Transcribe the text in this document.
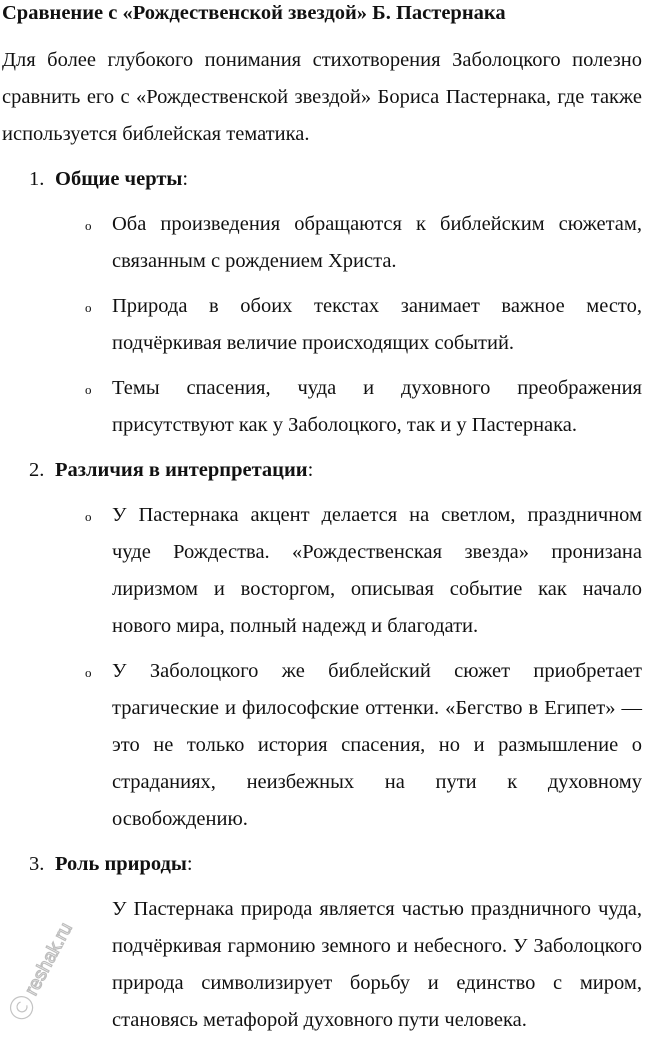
Сравнение с «Рождественской звездой» Б. Пастернака

Для более глубокого понимания стихотворения Заболоцкого полезно сравнить его с «Рождественской звездой» Бориса Пастернака, где также используется библейская тематика.

1. Общие черты:
o Оба произведения обращаются к библейским сюжетам, связанным с рождением Христа.

o Природа в обоих текстах занимает важное место, подчёркивая величие происходящих событий.

o Темы спасения, чуда и духовного преображения присутствуют как у Заболоцкого, так и у Пастернака.

2. Различия в интерпретации:
o У Пастернака акцент делается на светлом, праздничном чуде Рождества. «Рождественская звезда» пронизана лиризмом и восторгом, описывая событие как начало нового мира, полный надежд и благодати.

o У Заболоцкого же библейский сюжет приобретает трагические и философские оттенки. «Бегство в Египет» — это не только история спасения, но и размышление о страданиях, неизбежных на пути к духовному освобождению.

3. Роль природы:

У Пастернака природа является частью праздничного чуда, подчёркивая гармонию земного и небесного. У Заболоцкого природа символизирует борьбу и единство с миром, становясь метафорой духовного пути человека.

reshak.ru
